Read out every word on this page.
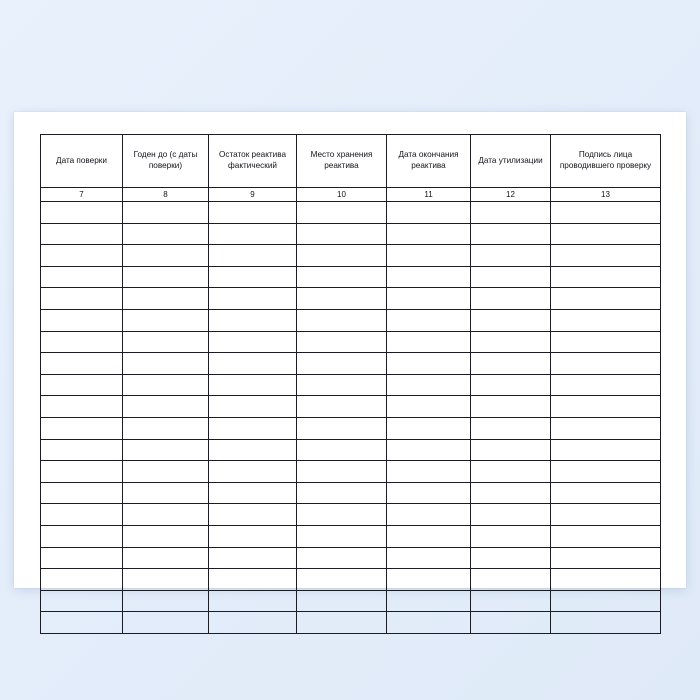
Дата поверки	Годен до (с даты поверки)	Остаток реактива фактический	Место хранения реактива	Дата окончания реактива	Дата утилизации	Подпись лица проводившего проверку
7	8	9	10	11	12	13
